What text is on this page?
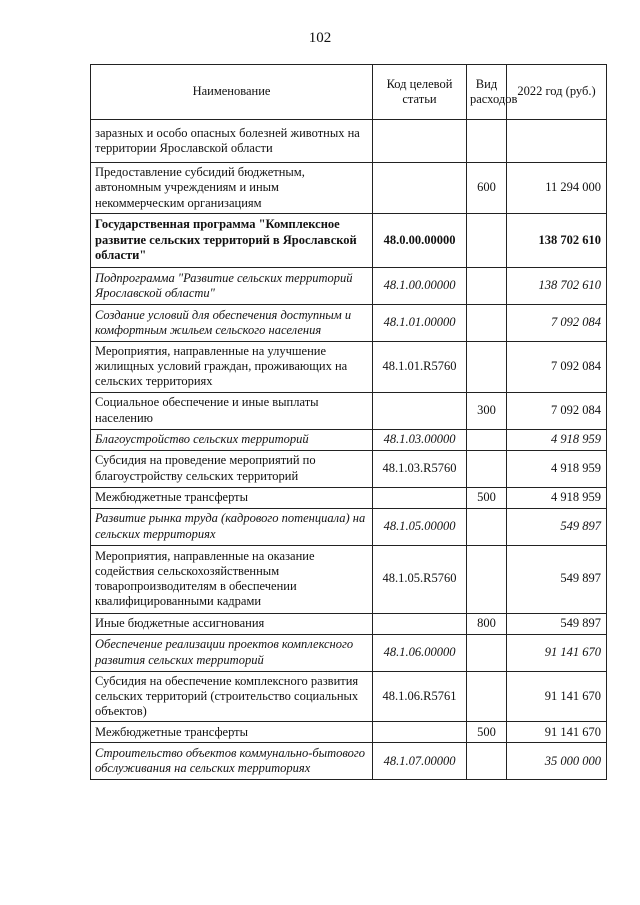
102
Наименование	Код целевой статьи	Вид расходов	2022 год (руб.)
заразных и особо опасных болезней животных на территории Ярославской области			
Предоставление субсидий бюджетным, автономным учреждениям и иным некоммерческим организациям		600	11 294 000
Государственная программа "Комплексное развитие сельских территорий в Ярославской области"	48.0.00.00000		138 702 610
Подпрограмма "Развитие сельских территорий Ярославской области"	48.1.00.00000		138 702 610
Создание условий для обеспечения доступным и комфортным жильем сельского населения	48.1.01.00000		7 092 084
Мероприятия, направленные на улучшение жилищных условий граждан, проживающих на сельских территориях	48.1.01.R5760		7 092 084
Социальное обеспечение и иные выплаты населению		300	7 092 084
Благоустройство сельских территорий	48.1.03.00000		4 918 959
Субсидия на проведение мероприятий по благоустройству сельских территорий	48.1.03.R5760		4 918 959
Межбюджетные трансферты		500	4 918 959
Развитие рынка труда (кадрового потенциала) на сельских территориях	48.1.05.00000		549 897
Мероприятия, направленные на оказание содействия сельскохозяйственным товаропроизводителям в обеспечении квалифицированными кадрами	48.1.05.R5760		549 897
Иные бюджетные ассигнования		800	549 897
Обеспечение реализации проектов комплексного развития сельских территорий	48.1.06.00000		91 141 670
Субсидия на обеспечение комплексного развития сельских территорий (строительство социальных объектов)	48.1.06.R5761		91 141 670
Межбюджетные трансферты		500	91 141 670
Строительство объектов коммунально-бытового обслуживания на сельских территориях	48.1.07.00000		35 000 000
